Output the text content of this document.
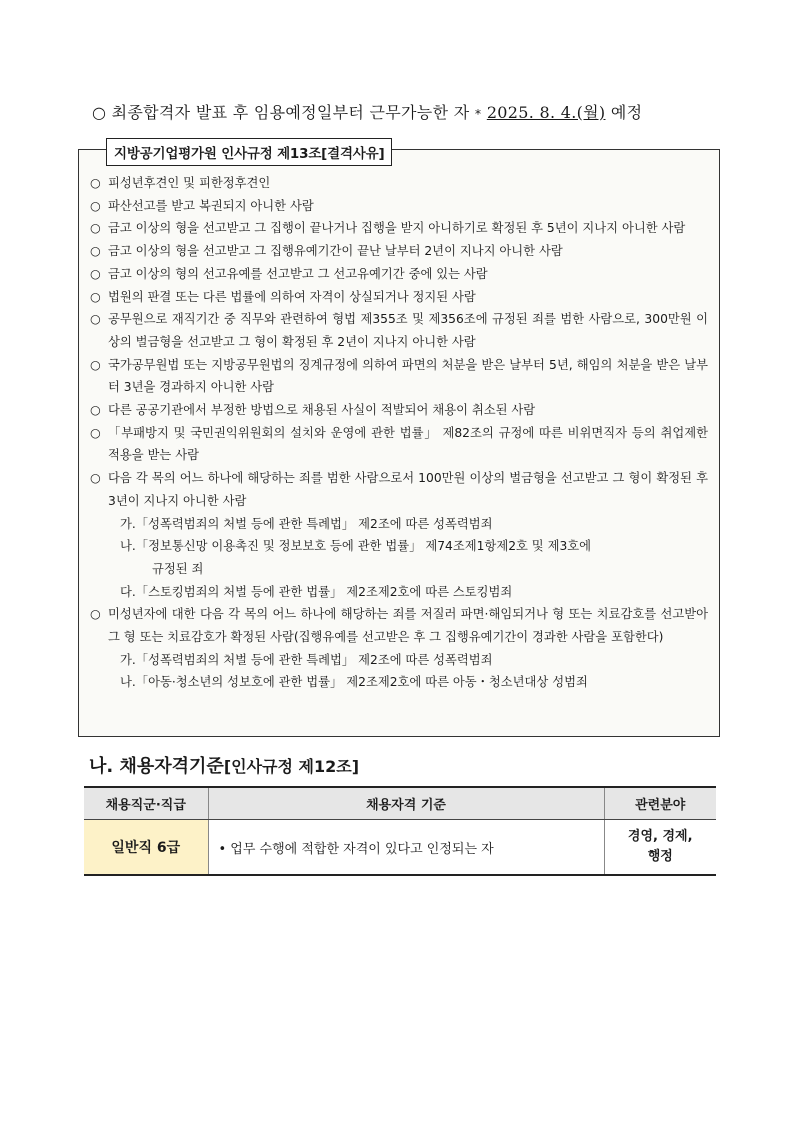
○ 최종합격자 발표 후 임용예정일부터 근무가능한 자 * 2025. 8. 4.(월) 예정
지방공기업평가원 인사규정 제13조[결격사유]
○ 피성년후견인 및 피한정후견인
○ 파산선고를 받고 복권되지 아니한 사람
○ 금고 이상의 형을 선고받고 그 집행이 끝나거나 집행을 받지 아니하기로 확정된 후 5년이 지나지 아니한 사람
○ 금고 이상의 형을 선고받고 그 집행유예기간이 끝난 날부터 2년이 지나지 아니한 사람
○ 금고 이상의 형의 선고유예를 선고받고 그 선고유예기간 중에 있는 사람
○ 법원의 판결 또는 다른 법률에 의하여 자격이 상실되거나 정지된 사람
○ 공무원으로 재직기간 중 직무와 관련하여 형법 제355조 및 제356조에 규정된 죄를 범한 사람으로, 300만원 이상의 벌금형을 선고받고 그 형이 확정된 후 2년이 지나지 아니한 사람
○ 국가공무원법 또는 지방공무원법의 징계규정에 의하여 파면의 처분을 받은 날부터 5년, 해임의 처분을 받은 날부터 3년을 경과하지 아니한 사람
○ 다른 공공기관에서 부정한 방법으로 채용된 사실이 적발되어 채용이 취소된 사람
○ 「부패방지 및 국민권익위원회의 설치와 운영에 관한 법률」 제82조의 규정에 따른 비위면직자 등의 취업제한 적용을 받는 사람
○ 다음 각 목의 어느 하나에 해당하는 죄를 범한 사람으로서 100만원 이상의 벌금형을 선고받고 그 형이 확정된 후 3년이 지나지 아니한 사람
가.「성폭력범죄의 처벌 등에 관한 특례법」 제2조에 따른 성폭력범죄
나.「정보통신망 이용촉진 및 정보보호 등에 관한 법률」 제74조제1항제2호 및 제3호에
규정된 죄
다.「스토킹범죄의 처벌 등에 관한 법률」 제2조제2호에 따른 스토킹범죄
○ 미성년자에 대한 다음 각 목의 어느 하나에 해당하는 죄를 저질러 파면·해임되거나 형 또는 치료감호를 선고받아 그 형 또는 치료감호가 확정된 사람(집행유예를 선고받은 후 그 집행유예기간이 경과한 사람을 포함한다)
가.「성폭력범죄의 처벌 등에 관한 특례법」 제2조에 따른 성폭력범죄
나.「아동·청소년의 성보호에 관한 법률」 제2조제2호에 따른 아동・청소년대상 성범죄
나. 채용자격기준[인사규정 제12조]
채용직군·직급	채용자격 기준	관련분야
일반직 6급	• 업무 수행에 적합한 자격이 있다고 인정되는 자	경영, 경제,
행정
